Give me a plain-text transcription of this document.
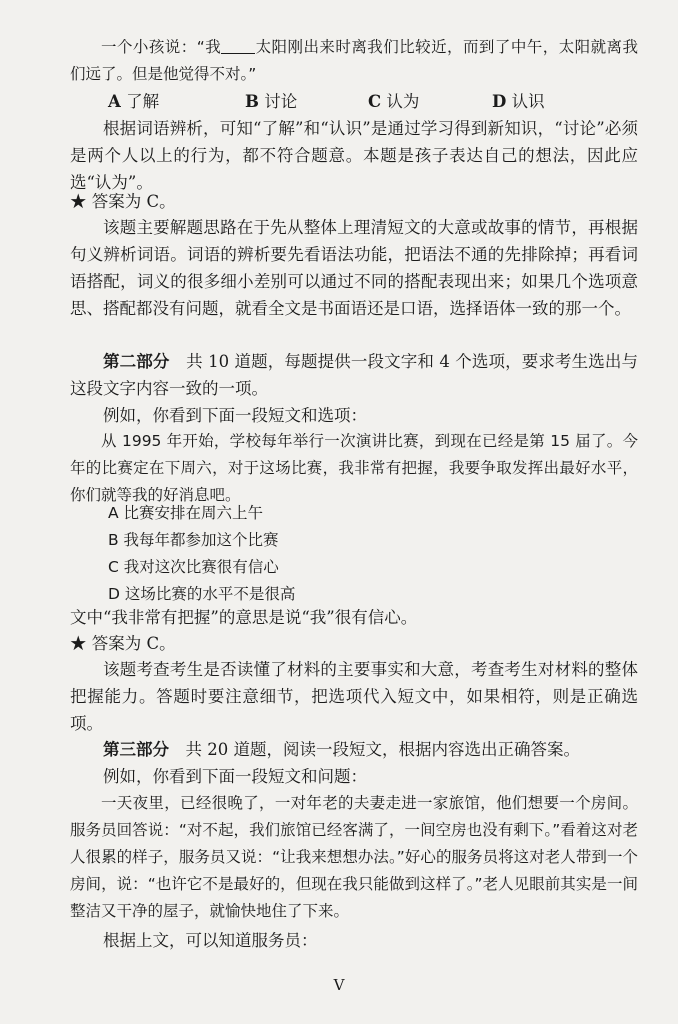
一个小孩说：“我 太阳刚出来时离我们比较近，而到了中午，太阳就离我们远了。但是他觉得不对。”
A 了解	B 讨论	C 认为	D 认识
根据词语辨析，可知“了解”和“认识”是通过学习得到新知识，“讨论”必须是两个人以上的行为，都不符合题意。本题是孩子表达自己的想法，因此应选“认为”。
★ 答案为 C。
该题主要解题思路在于先从整体上理清短文的大意或故事的情节，再根据句义辨析词语。词语的辨析要先看语法功能，把语法不通的先排除掉；再看词语搭配，词义的很多细小差别可以通过不同的搭配表现出来；如果几个选项意思、搭配都没有问题，就看全文是书面语还是口语，选择语体一致的那一个。
第二部分　 共 10 道题，每题提供一段文字和 4 个选项，要求考生选出与这段文字内容一致的一项。
例如，你看到下面一段短文和选项：
从 1995 年开始，学校每年举行一次演讲比赛，到现在已经是第 15 届了。今年的比赛定在下周六，对于这场比赛，我非常有把握，我要争取发挥出最好水平，你们就等我的好消息吧。
A 比赛安排在周六上午
B 我每年都参加这个比赛
C 我对这次比赛很有信心
D 这场比赛的水平不是很高
文中“我非常有把握”的意思是说“我”很有信心。
★ 答案为 C。
该题考查考生是否读懂了材料的主要事实和大意，考查考生对材料的整体把握能力。答题时要注意细节，把选项代入短文中，如果相符，则是正确选项。
第三部分　 共 20 道题，阅读一段短文，根据内容选出正确答案。
例如，你看到下面一段短文和问题：
一天夜里，已经很晚了，一对年老的夫妻走进一家旅馆，他们想要一个房间。服务员回答说：“对不起，我们旅馆已经客满了，一间空房也没有剩下。”看着这对老人很累的样子，服务员又说：“让我来想想办法。”好心的服务员将这对老人带到一个房间，说：“也许它不是最好的，但现在我只能做到这样了。”老人见眼前其实是一间整洁又干净的屋子，就愉快地住了下来。
根据上文，可以知道服务员：
V
